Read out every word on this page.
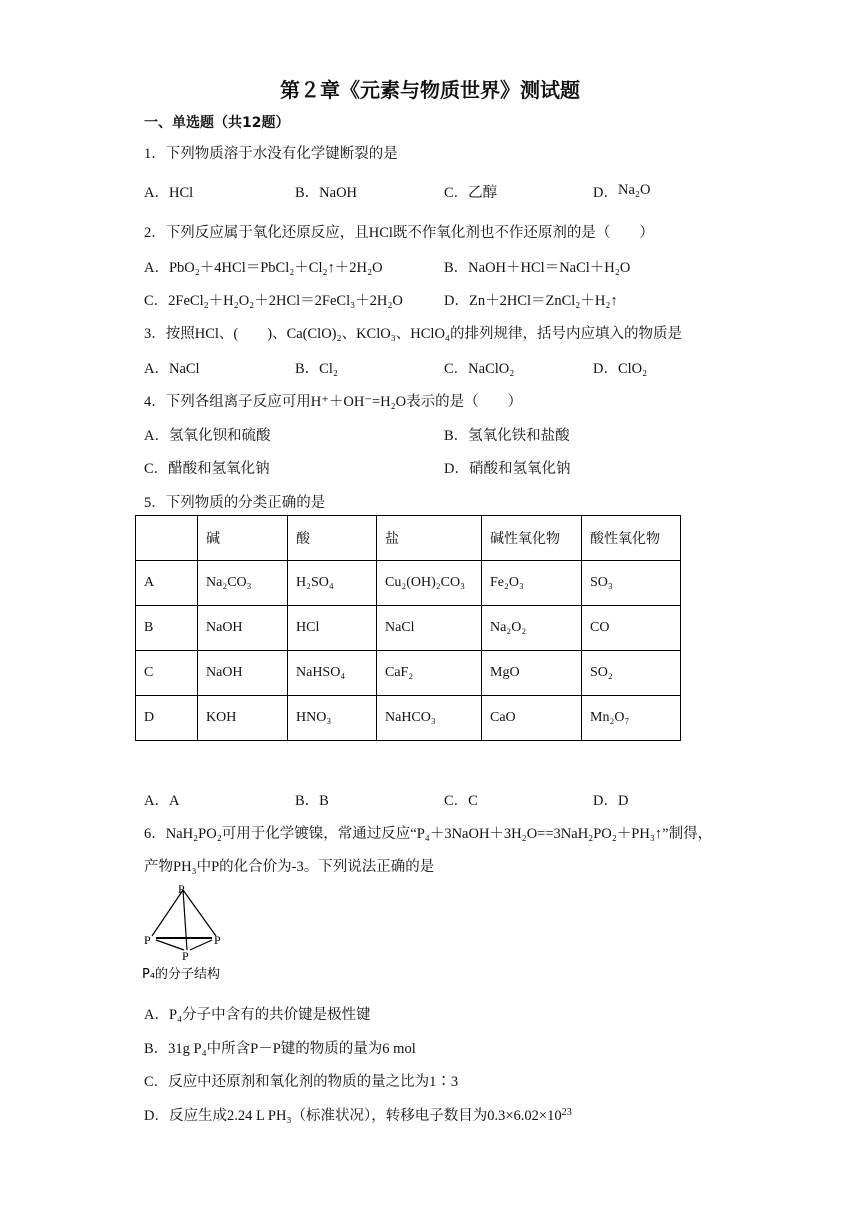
第２章《元素与物质世界》测试题
一、单选题（共12题）
1．下列物质溶于水没有化学键断裂的是
A．HCl	B．NaOH	C．乙醇	D．Na₂O
2．下列反应属于氧化还原反应，且HCl既不作氧化剂也不作还原剂的是（　　）
A．PbO₂＋4HCl＝PbCl₂＋Cl₂↑＋2H₂O	B．NaOH＋HCl＝NaCl＋H₂O
C．2FeCl₂＋H₂O₂＋2HCl＝2FeCl₃＋2H₂O	D．Zn＋2HCl＝ZnCl₂＋H₂↑
3．按照HCl、(　　)、Ca(ClO)₂、KClO₃、HClO₄的排列规律，括号内应填入的物质是
A．NaCl	B．Cl₂	C．NaClO₂	D．ClO₂
4．下列各组离子反应可用H⁺＋OH⁻=H₂O表示的是（　　）
A．氢氧化钡和硫酸	B．氢氧化铁和盐酸
C．醋酸和氢氧化钠	D．硝酸和氢氧化钠
5．下列物质的分类正确的是
	碱	酸	盐	碱性氧化物	酸性氧化物
A	Na₂CO₃	H₂SO₄	Cu₂(OH)₂CO₃	Fe₂O₃	SO₃
B	NaOH	HCl	NaCl	Na₂O₂	CO
C	NaOH	NaHSO₄	CaF₂	MgO	SO₂
D	KOH	HNO₃	NaHCO₃	CaO	Mn₂O₇
A．A	B．B	C．C	D．D
6．NaH₂PO₂可用于化学镀镍，常通过反应“P₄＋3NaOH＋3H₂O==3NaH₂PO₂＋PH₃↑”制得，
产物PH₃中P的化合价为-3。下列说法正确的是
P
P	P
P
P₄的分子结构
A．P₄分子中含有的共价键是极性键
B．31g P₄中所含P－P键的物质的量为6 mol
C．反应中还原剂和氧化剂的物质的量之比为1∶3
D．反应生成2.24 L PH₃（标准状况），转移电子数目为$0.3\times 6.02\times 10^{23}$
